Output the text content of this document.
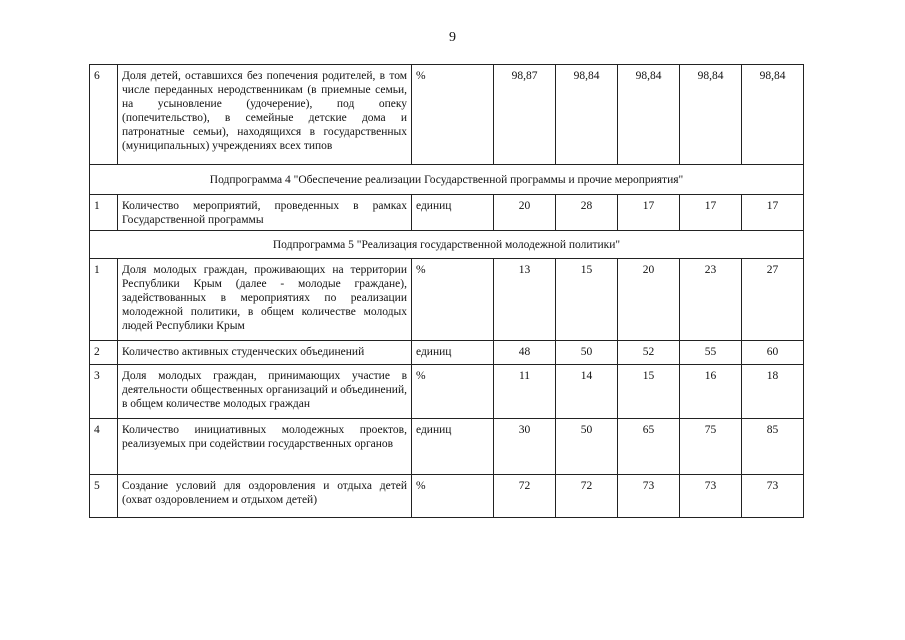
9
6	Доля детей, оставшихся без попечения родителей, в том числе переданных неродственникам (в приемные семьи, на усыновление (удочерение), под опеку (попечительство), в семейные детские дома и патронатные семьи), находящихся в государственных (муниципальных) учреждениях всех типов	%	98,87	98,84	98,84	98,84	98,84
Подпрограмма 4 "Обеспечение реализации Государственной программы и прочие мероприятия"							
1	Количество мероприятий, проведенных в рамках Государственной программы	единиц	20	28	17	17	17
Подпрограмма 5 "Реализация государственной молодежной политики"							
1	Доля молодых граждан, проживающих на территории Республики Крым (далее - молодые граждане), задействованных в мероприятиях по реализации молодежной политики, в общем количестве молодых людей Республики Крым	%	13	15	20	23	27
2	Количество активных студенческих объединений	единиц	48	50	52	55	60
3	Доля молодых граждан, принимающих участие в деятельности общественных организаций и объединений, в общем количестве молодых граждан	%	11	14	15	16	18
4	Количество инициативных молодежных проектов, реализуемых при содействии государственных органов	единиц	30	50	65	75	85
5	Создание условий для оздоровления и отдыха детей (охват оздоровлением и отдыхом детей)	%	72	72	73	73	73
